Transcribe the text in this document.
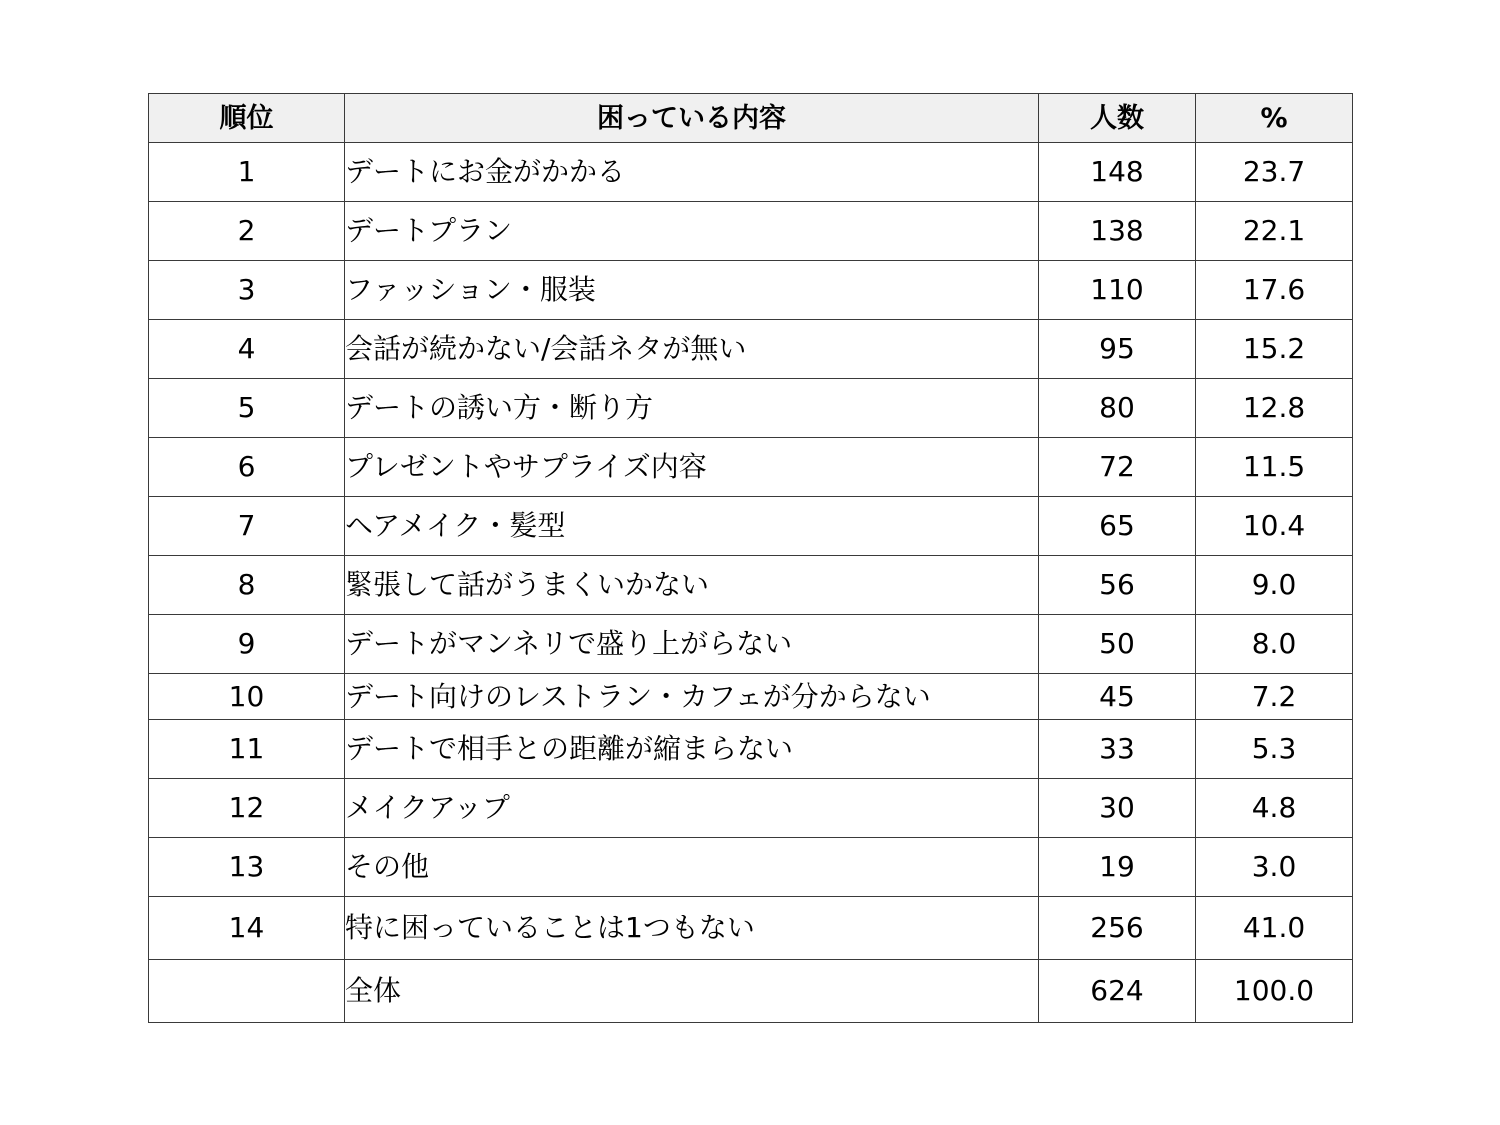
順位	困っている内容	人数	%
1	デートにお金がかかる	148	23.7
2	デートプラン	138	22.1
3	ファッション・服装	110	17.6
4	会話が続かない/会話ネタが無い	95	15.2
5	デートの誘い方・断り方	80	12.8
6	プレゼントやサプライズ内容	72	11.5
7	ヘアメイク・髪型	65	10.4
8	緊張して話がうまくいかない	56	9.0
9	デートがマンネリで盛り上がらない	50	8.0
10	デート向けのレストラン・カフェが分からない	45	7.2
11	デートで相手との距離が縮まらない	33	5.3
12	メイクアップ	30	4.8
13	その他	19	3.0
14	特に困っていることは1つもない	256	41.0
	全体	624	100.0
